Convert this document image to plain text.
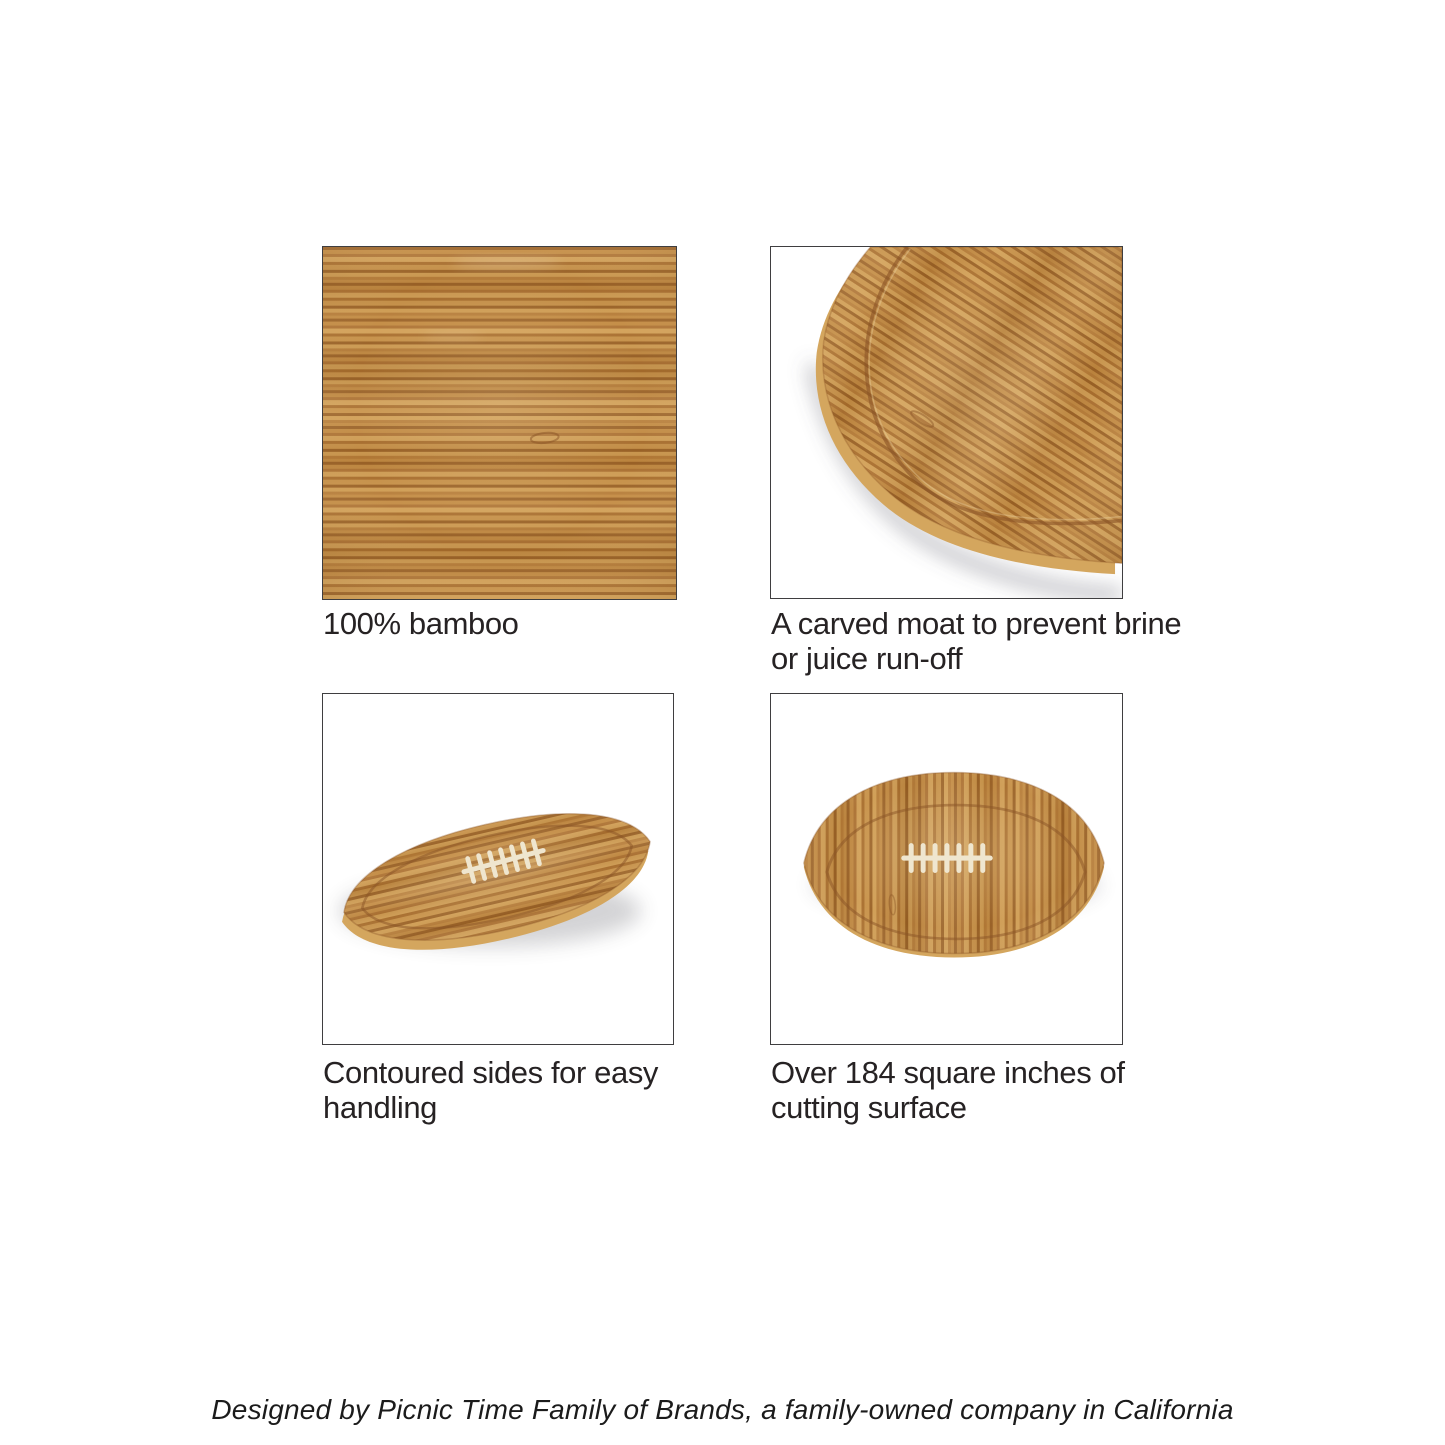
100% bamboo	A carved moat to prevent brine
or juice run-off
Contoured sides for easy
handling
Over 184 square inches of
cutting surface
Designed by Picnic Time Family of Brands, a family-owned company in California
